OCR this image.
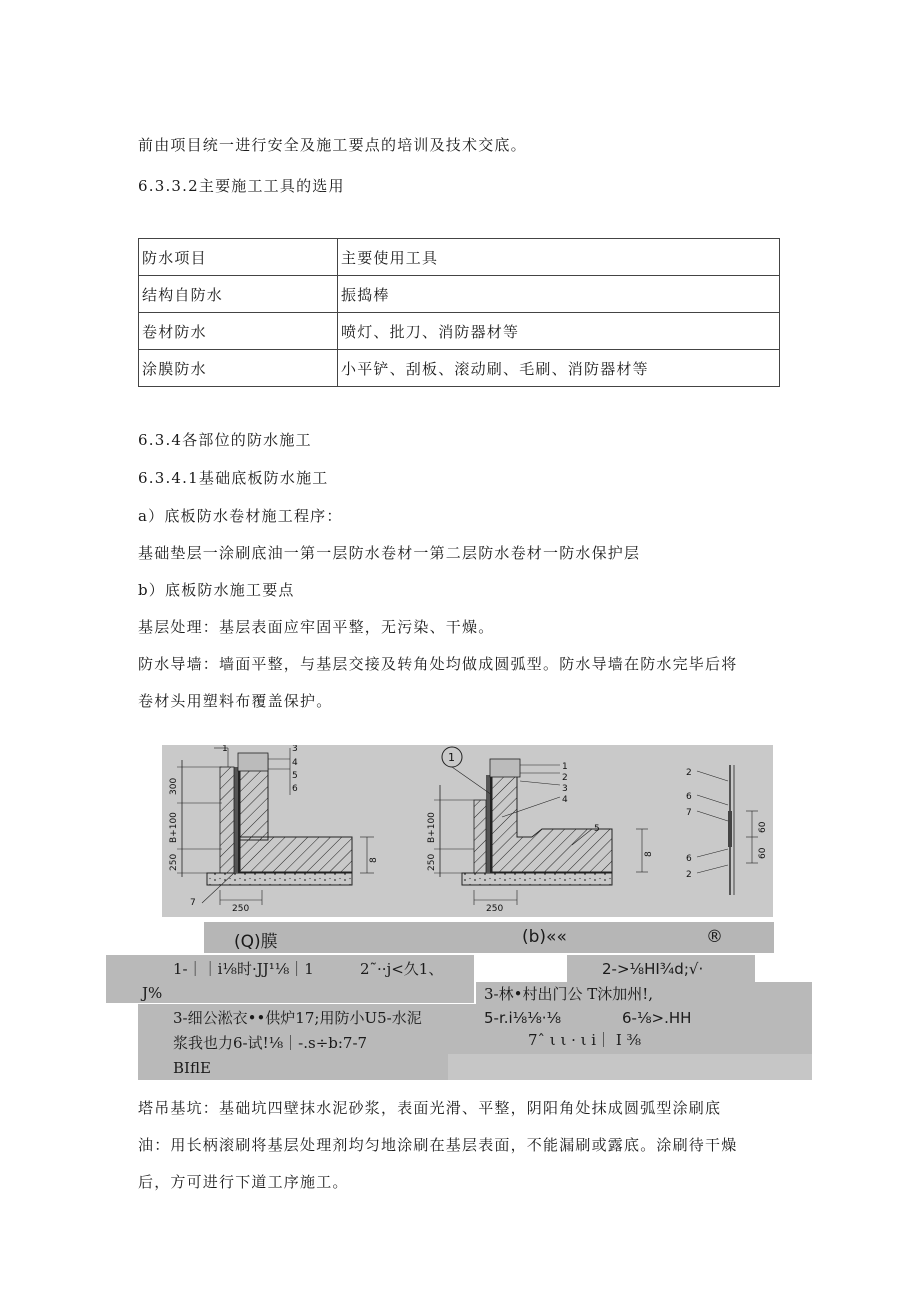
前由项目统一进行安全及施工要点的培训及技术交底。
6.3.3.2主要施工工具的选用
防水项目	主要使用工具
结构自防水	振捣棒
卷材防水	喷灯、批刀、消防器材等
涂膜防水	小平铲、刮板、滚动刷、毛刷、消防器材等
6.3.4各部位的防水施工
6.3.4.1基础底板防水施工
a）底板防水卷材施工程序：
基础垫层一涂刷底油一第一层防水卷材一第二层防水卷材一防水保护层
b）底板防水施工要点
基层处理：基层表面应牢固平整，无污染、干燥。
防水导墙：墙面平整，与基层交接及转角处均做成圆弧型。防水导墙在防水完毕后将
卷材头用塑料布覆盖保护。
1	3
4
5
6
7
300
B+100
250	8
250
1
1
2
3
4
5
B+100
250	8
250
2
6
7
6
2
60
60
(Q)膜	(b)««	®
1-｜｜i⅛时·JJ¹⅛｜1	2˜··j<久1、	2->⅛HI¾d;√·
J%	3-林•村出门公 T沐加州!,
3-细公淞衣••供炉17;用防小U5-水泥	5-r.i⅛⅛·⅛	6-⅛>.HH
浆我也力6-试!⅛｜-.s÷b:7-7	7ˆ ι ι · ι i｜ I ⅜
BIflE
塔吊基坑：基础坑四壁抹水泥砂浆，表面光滑、平整，阴阳角处抹成圆弧型涂刷底
油：用长柄滚刷将基层处理剂均匀地涂刷在基层表面，不能漏刷或露底。涂刷待干燥
后，方可进行下道工序施工。
